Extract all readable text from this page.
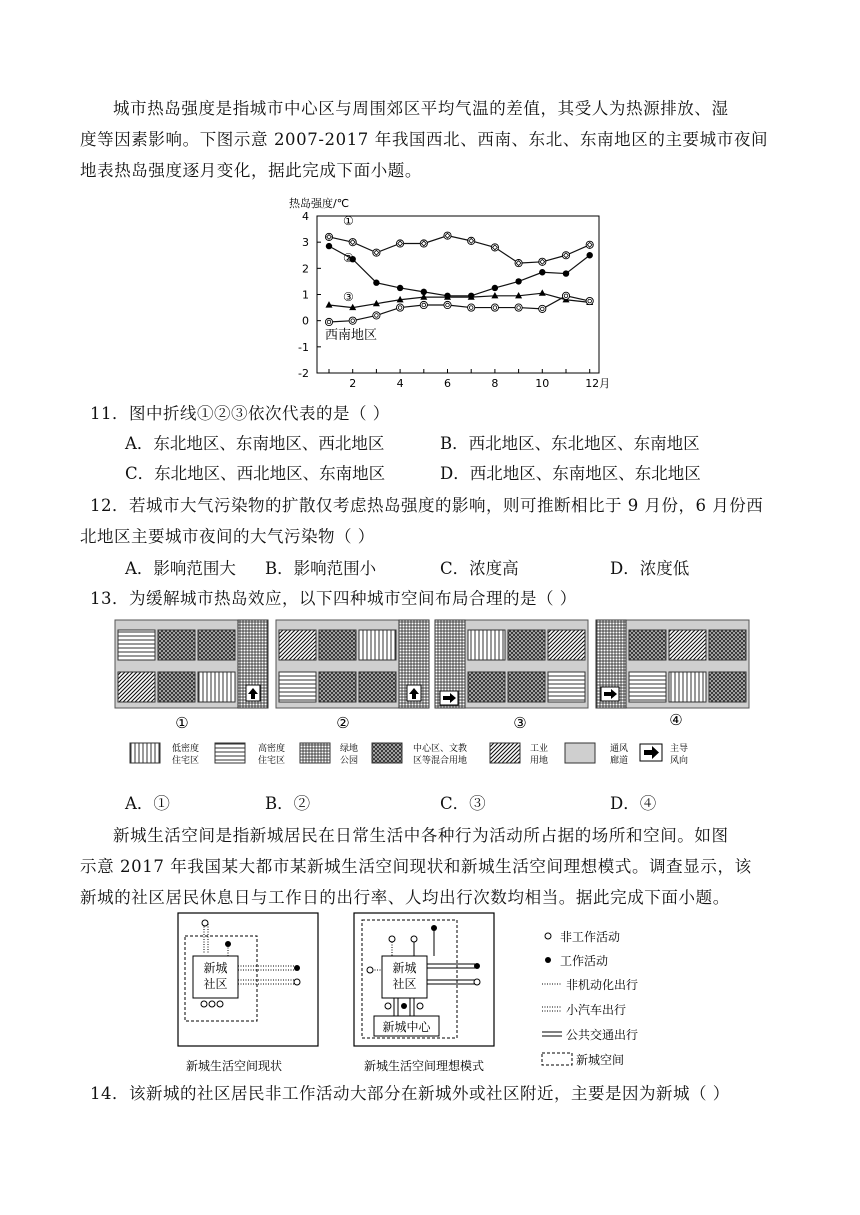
城市热岛强度是指城市中心区与周围郊区平均气温的差值，其受人为热源排放、湿
度等因素影响。下图示意 2007-2017 年我国西北、西南、东北、东南地区的主要城市夜间
地表热岛强度逐月变化，据此完成下面小题。
热岛强度/℃
4
3
2
1
0
-1
-2
2	4	6	8	10	12月
①
②
③
西南地区
11．图中折线①②③依次代表的是（ ）
A．东北地区、东南地区、西北地区	B．西北地区、东北地区、东南地区
C．东北地区、西北地区、东南地区	D．西北地区、东南地区、东北地区
12．若城市大气污染物的扩散仅考虑热岛强度的影响，则可推断相比于 9 月份，6 月份西
北地区主要城市夜间的大气污染物（ ）
A．影响范围大 B．影响范围小	C．浓度高	D．浓度低
13．为缓解城市热岛效应，以下四种城市空间布局合理的是（ ）
①	②	③	④
低密度
住宅区
高密度
住宅区
绿地
公园
中心区、文教
区等混合用地
工业
用地
通风
廊道
主导
风向
A．①	B．②	C．③	D．④
新城生活空间是指新城居民在日常生活中各种行为活动所占据的场所和空间。如图
示意 2017 年我国某大都市某新城生活空间现状和新城生活空间理想模式。调查显示，该
新城的社区居民休息日与工作日的出行率、人均出行次数均相当。据此完成下面小题。
新城
社区
新城生活空间现状
新城
社区
新城中心
新城生活空间理想模式
非工作活动
工作活动
非机动化出行
小汽车出行
公共交通出行
新城空间
14．该新城的社区居民非工作活动大部分在新城外或社区附近，主要是因为新城（ ）
